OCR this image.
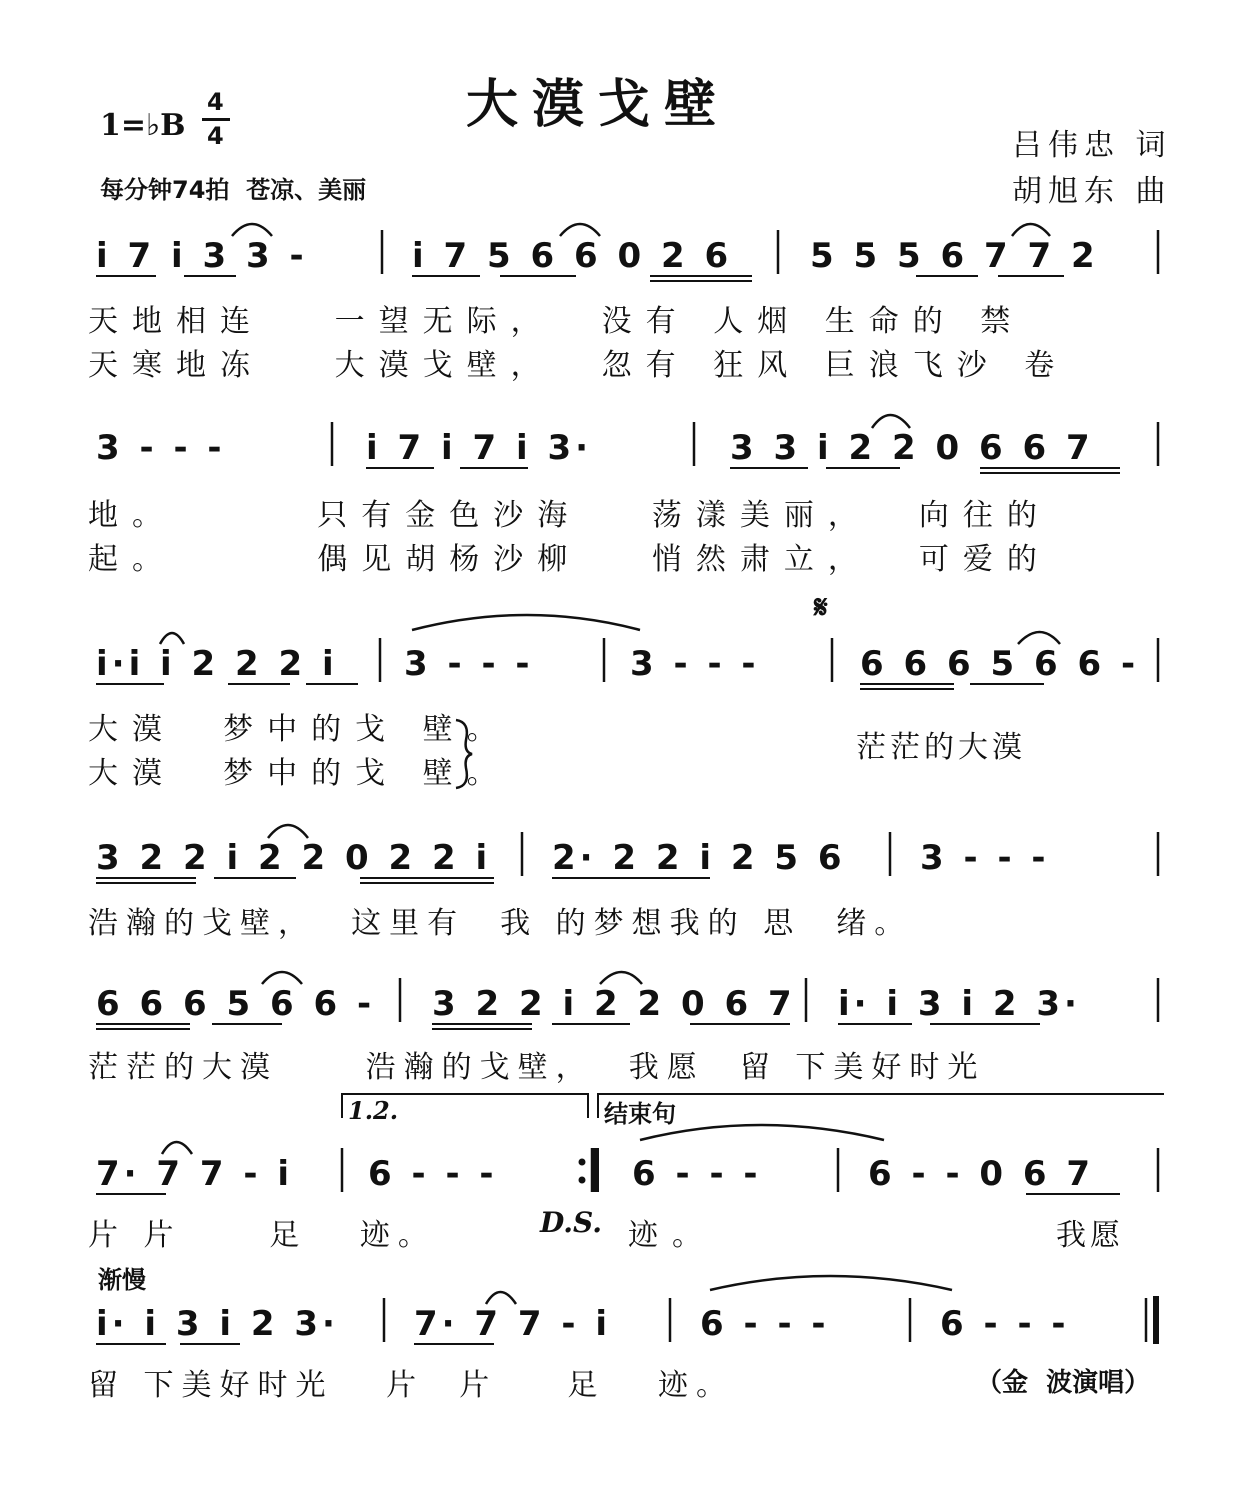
大漠戈壁
1=♭B
4
4
每分钟74拍  苍凉、美丽
吕伟忠 词
胡旭东 曲
i 7 i 3 3 -	i 7 5 6 6 0 2 6 5 5 5 6 7 7 2
天地相连   一望无际，  没有 人烟 生命的 禁
天寒地冻   大漠戈壁，  忽有 狂风 巨浪飞沙 卷
3 - - -	i 7 i 7 i 3·	3 3 i 2 2 0 6 6 7
地。      只有金色沙海   荡漾美丽，  向往的
起。      偶见胡杨沙柳   悄然肃立，  可爱的
𝄋
i·i i 2 2 2 i 3 - - -	3 - - -	6 6 6 5 6 6 -
大漠  梦中的戈 壁。
大漠  梦中的戈 壁。
茫茫的大漠
3 2 2 i 2 2 0 2 2 i 2· 2 2 i 2 5 6 3 - - -
浩瀚的戈壁，  这里有  我 的梦想我的 思  绪。
6 6 6 5 6 6 - 3 2 2 i 2 2 0 6 7 i· i 3 i 2 3·
茫茫的大漠     浩瀚的戈壁，  我愿  留 下美好时光
1.2.	结束句
7· 7 7 - i 6 - - -	6 - - -	6 - - 0 6 7
片 片     足   迹。	D.S. 迹。	我愿
渐慢
i· i 3 i 2 3· 7· 7 7 - i	6 - - -	6 - - -
留 下美好时光   片  片    足   迹。	（金  波演唱）
